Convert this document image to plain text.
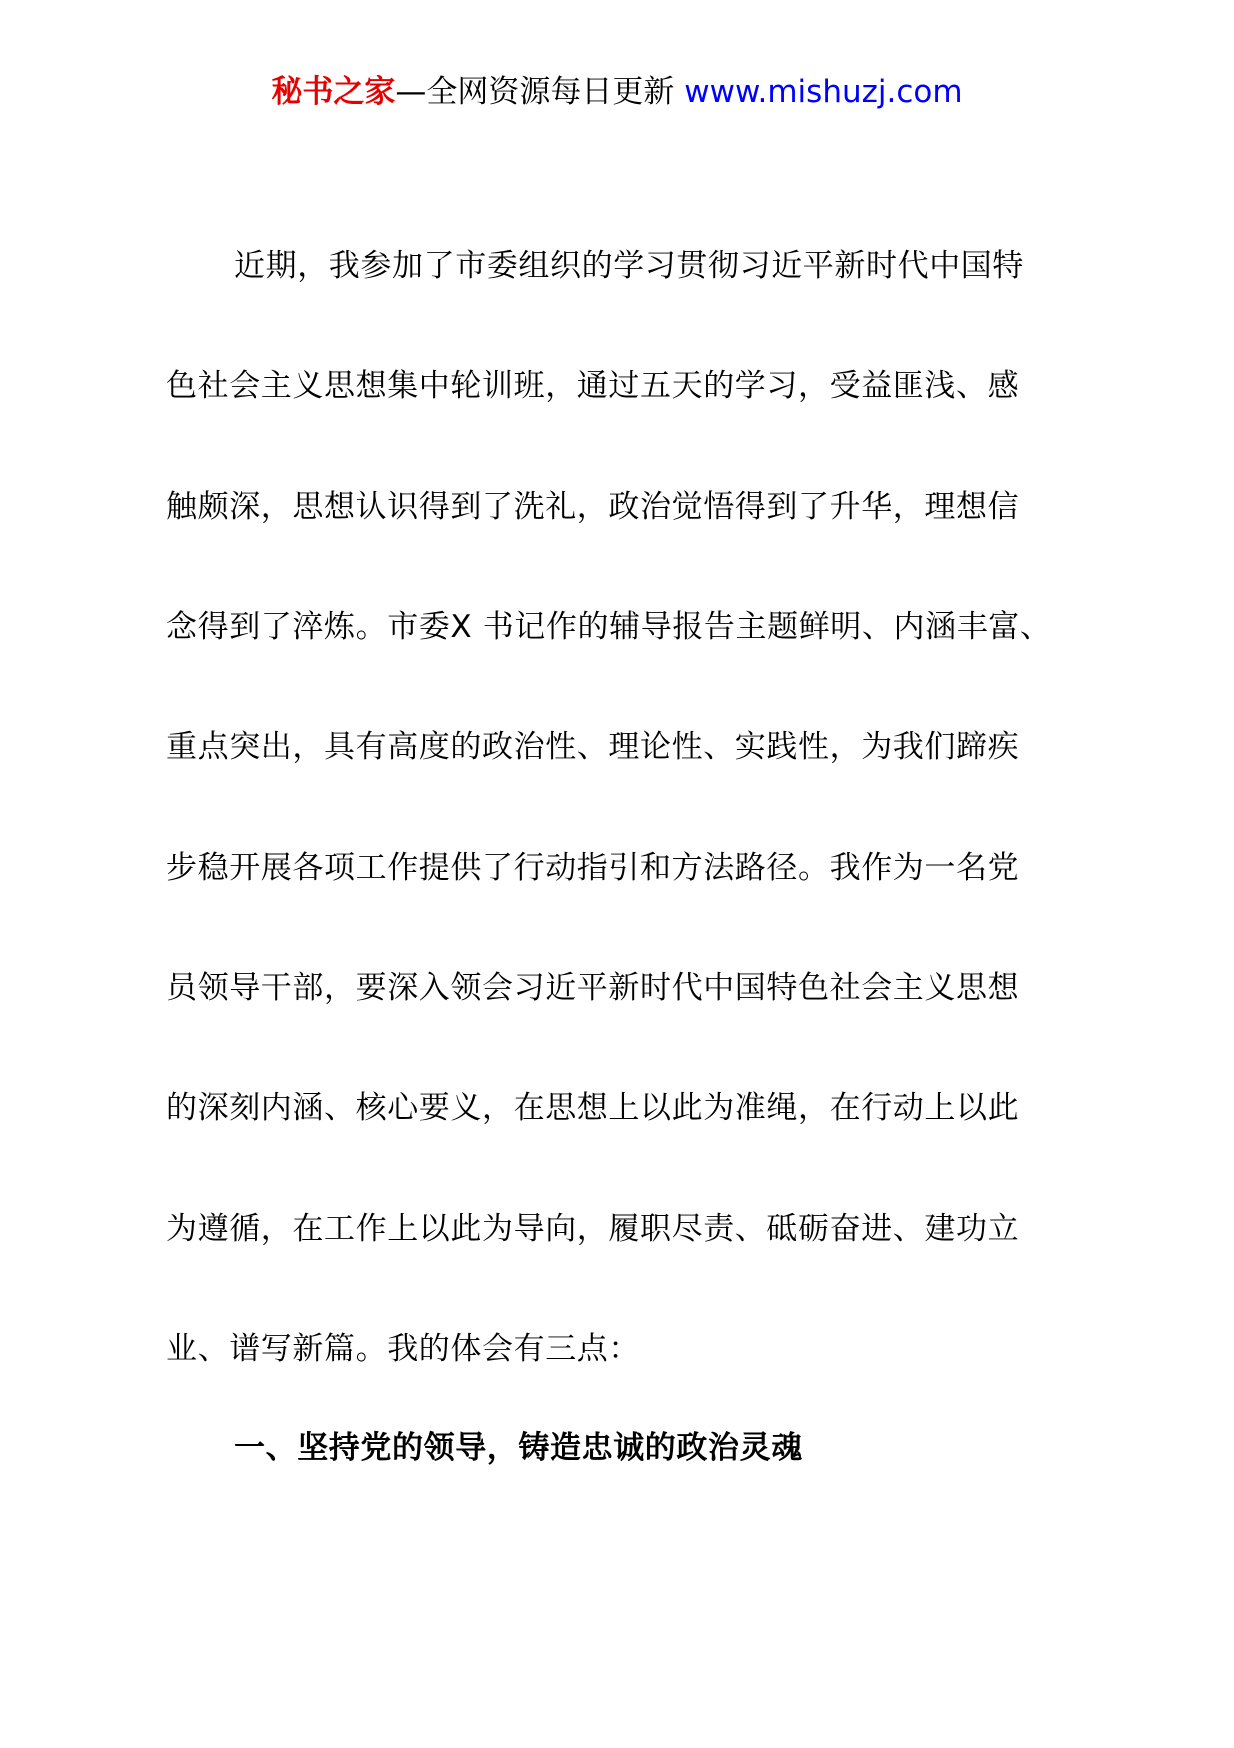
秘书之家—全网资源每日更新 www.mishuzj.com
近期，我参加了市委组织的学习贯彻习近平新时代中国特
色社会主义思想集中轮训班，通过五天的学习，受益匪浅、感
触颇深，思想认识得到了洗礼，政治觉悟得到了升华，理想信
念得到了淬炼。市委X 书记作的辅导报告主题鲜明、内涵丰富、
重点突出，具有高度的政治性、理论性、实践性，为我们蹄疾
步稳开展各项工作提供了行动指引和方法路径。我作为一名党
员领导干部，要深入领会习近平新时代中国特色社会主义思想
的深刻内涵、核心要义，在思想上以此为准绳，在行动上以此
为遵循，在工作上以此为导向，履职尽责、砥砺奋进、建功立
业、谱写新篇。我的体会有三点：
一、坚持党的领导，铸造忠诚的政治灵魂
